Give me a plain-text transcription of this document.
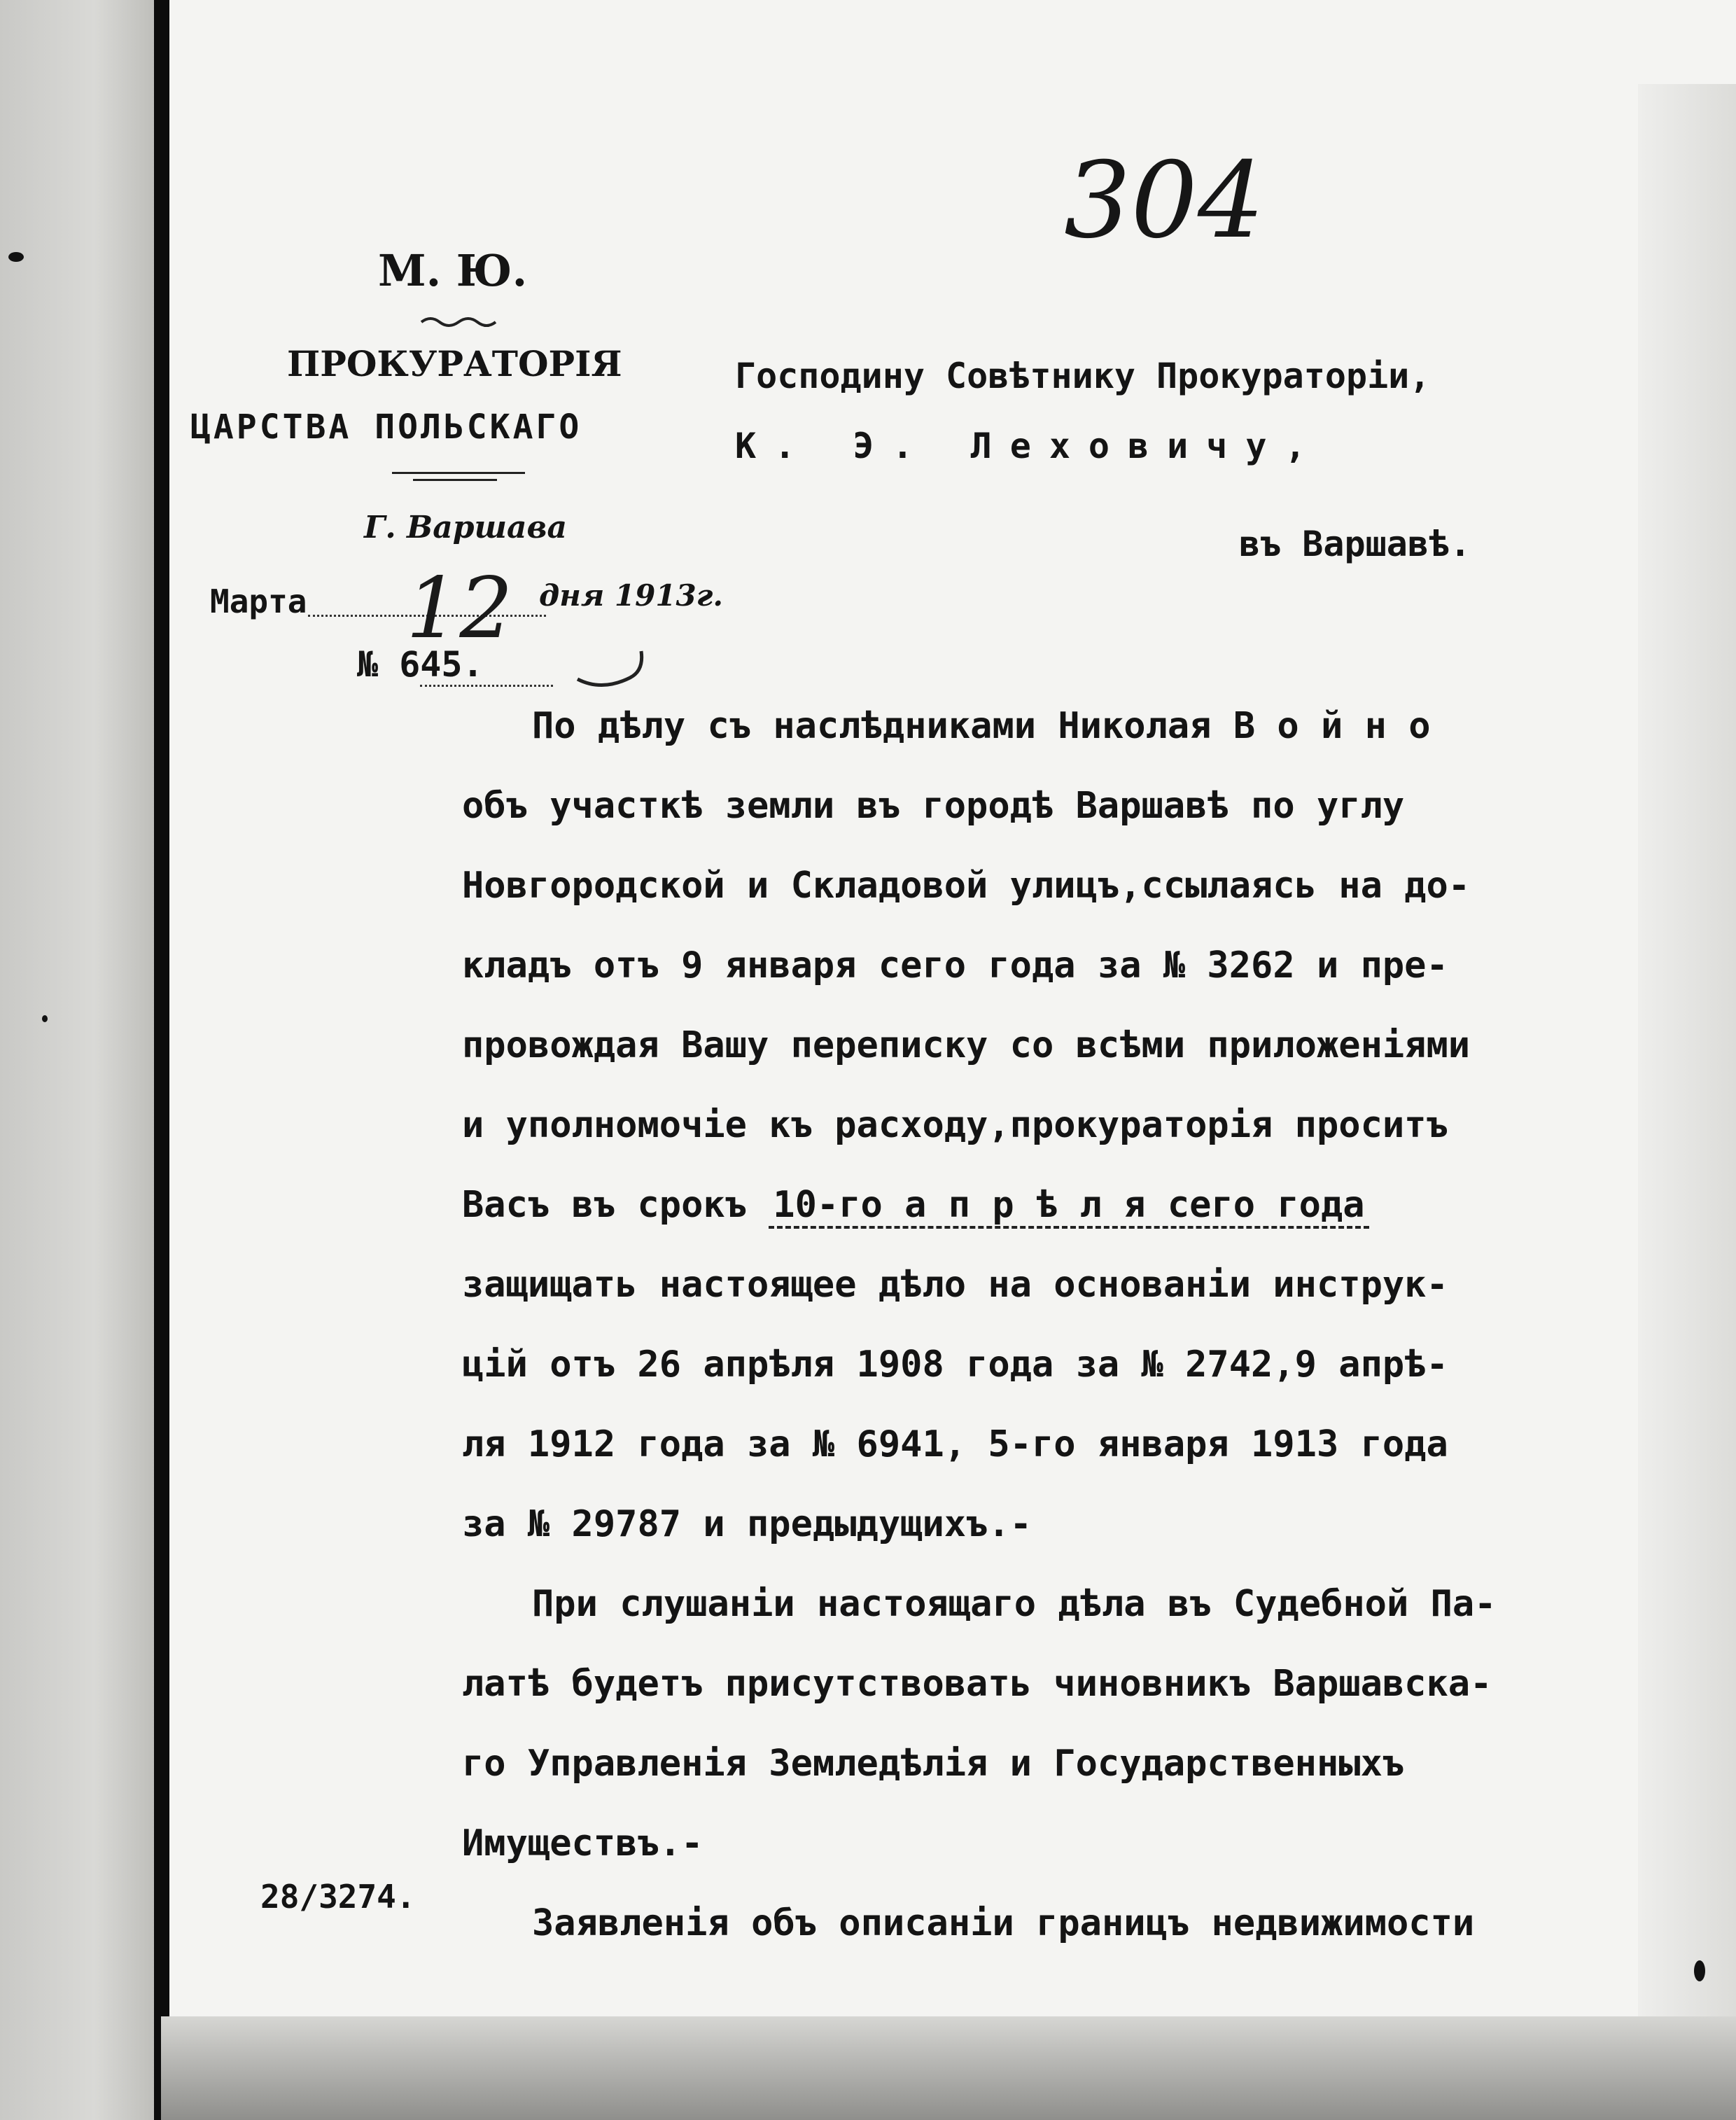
304
М. Ю.
ПРОКУРАТОРІЯ
ЦАРСТВА ПОЛЬСКАГО
Г. Варшава
Марта 12 дня 1913г.
№ 645.
Господину Совѣтнику Прокураторіи,
К. Э. Леховичу,
въ Варшавѣ.
По дѣлу съ наслѣдниками Николая В о й н о
объ участкѣ земли въ городѣ Варшавѣ по углу
Новгородской и Складовой улицъ,ссылаясь на до-
кладъ отъ 9 января сего года за № 3262 и пре-
провождая Вашу переписку со всѣми приложеніями
и уполномочіе къ расходу,прокураторія проситъ
Васъ въ срокъ 10-го а п р ѣ л я сего года
защищать настоящее дѣло на основаніи инструк-
цій отъ 26 апрѣля 1908 года за № 2742,9 апрѣ-
ля 1912 года за № 6941, 5-го января 1913 года
за № 29787 и предыдущихъ.-
При слушаніи настоящаго дѣла въ Судебной Па-
латѣ будетъ присутствовать чиновникъ Варшавска-
го Управленія Земледѣлія и Государственныхъ
Имуществъ.-
Заявленія объ описаніи границъ недвижимости
28/3274.
